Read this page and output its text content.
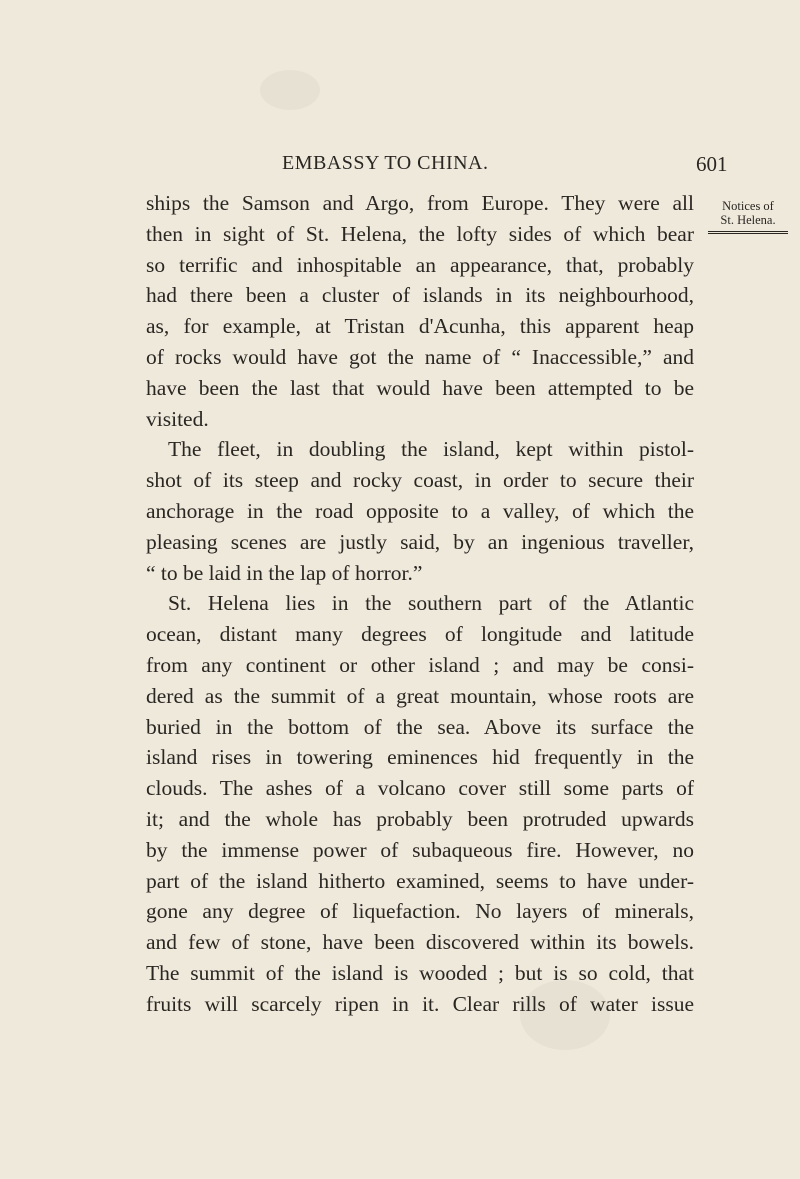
EMBASSY TO CHINA.	601
Notices of
St. Helena.
ships the Samson and Argo, from Europe. They were all
then in sight of St. Helena, the lofty sides of which bear
so terrific and inhospitable an appearance, that, probably
had there been a cluster of islands in its neighbourhood,
as, for example, at Tristan d'Acunha, this apparent heap
of rocks would have got the name of “ Inaccessible,” and
have been the last that would have been attempted to be
visited.
The fleet, in doubling the island, kept within pistol-
shot of its steep and rocky coast, in order to secure their
anchorage in the road opposite to a valley, of which the
pleasing scenes are justly said, by an ingenious traveller,
“ to be laid in the lap of horror.”
St. Helena lies in the southern part of the Atlantic
ocean, distant many degrees of longitude and latitude
from any continent or other island ; and may be consi-
dered as the summit of a great mountain, whose roots are
buried in the bottom of the sea. Above its surface the
island rises in towering eminences hid frequently in the
clouds. The ashes of a volcano cover still some parts of
it; and the whole has probably been protruded upwards
by the immense power of subaqueous fire. However, no
part of the island hitherto examined, seems to have under-
gone any degree of liquefaction. No layers of minerals,
and few of stone, have been discovered within its bowels.
The summit of the island is wooded ; but is so cold, that
fruits will scarcely ripen in it. Clear rills of water issue
